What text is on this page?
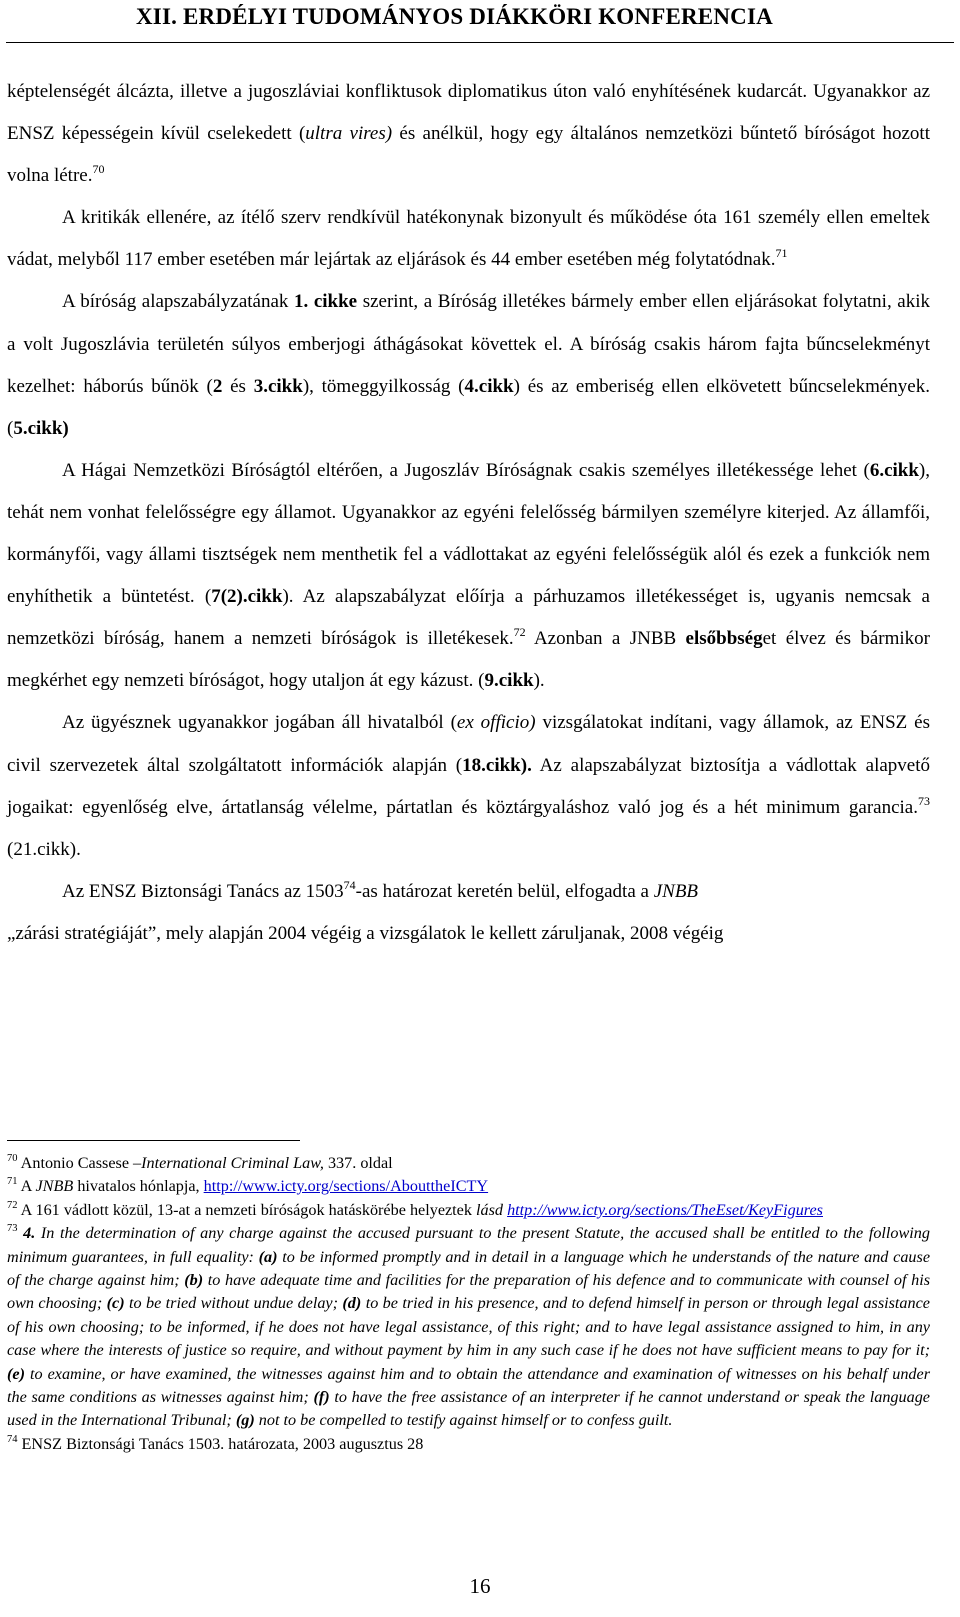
XII. ERDÉLYI TUDOMÁNYOS DIÁKKÖRI KONFERENCIA

képtelenségét álcázta, illetve a jugoszláviai konfliktusok diplomatikus úton való enyhítésének kudarcát. Ugyanakkor az ENSZ képességein kívül cselekedett (ultra vires) és anélkül, hogy egy általános nemzetközi bűntető bíróságot hozott volna létre.$^{70}$

A kritikák ellenére, az ítélő szerv rendkívül hatékonynak bizonyult és működése óta 161 személy ellen emeltek vádat, melyből 117 ember esetében már lejártak az eljárások és 44 ember esetében még folytatódnak.$^{71}$

A bíróság alapszabályzatának 1. cikke szerint, a Bíróság illetékes bármely ember ellen eljárásokat folytatni, akik a volt Jugoszlávia területén súlyos emberjogi áthágásokat követtek el. A bíróság csakis három fajta bűncselekményt kezelhet: háborús bűnök (2 és 3.cikk), tömeggyilkosság (4.cikk) és az emberiség ellen elkövetett bűncselekmények. (5.cikk)

A Hágai Nemzetközi Bíróságtól eltérően, a Jugoszláv Bíróságnak csakis személyes illetékessége lehet (6.cikk), tehát nem vonhat felelősségre egy államot. Ugyanakkor az egyéni felelősség bármilyen személyre kiterjed. Az államfői, kormányfői, vagy állami tisztségek nem menthetik fel a vádlottakat az egyéni felelősségük alól és ezek a funkciók nem enyhíthetik a büntetést. (7(2).cikk). Az alapszabályzat előírja a párhuzamos illetékességet is, ugyanis nemcsak a nemzetközi bíróság, hanem a nemzeti bíróságok is illetékesek.$^{72}$ Azonban a JNBB elsőbbséget élvez és bármikor megkérhet egy nemzeti bíróságot, hogy utaljon át egy kázust. (9.cikk).

Az ügyésznek ugyanakkor jogában áll hivatalból (ex officio) vizsgálatokat indítani, vagy államok, az ENSZ és civil szervezetek által szolgáltatott információk alapján (18.cikk). Az alapszabályzat biztosítja a vádlottak alapvető jogaikat: egyenlőség elve, ártatlanság vélelme, pártatlan és köztárgyaláshoz való jog és a hét minimum garancia.$^{73}$ (21.cikk).

Az ENSZ Biztonsági Tanács az 1503$^{74}$-as határozat keretén belül, elfogadta a JNBB
„zárási stratégiáját”, mely alapján 2004 végéig a vizsgálatok le kellett záruljanak, 2008 végéig

$^{70}$ Antonio Cassese –International Criminal Law, 337. oldal

$^{71}$ A JNBB hivatalos hónlapja, http://www.icty.org/sections/AbouttheICTY

$^{72}$ A 161 vádlott közül, 13-at a nemzeti bíróságok hatáskörébe helyeztek lásd http://www.icty.org/sections/TheEset/KeyFigures

$^{73}$ 4. In the determination of any charge against the accused pursuant to the present Statute, the accused shall be entitled to the following minimum guarantees, in full equality: (a) to be informed promptly and in detail in a language which he understands of the nature and cause of the charge against him; (b) to have adequate time and facilities for the preparation of his defence and to communicate with counsel of his own choosing; (c) to be tried without undue delay; (d) to be tried in his presence, and to defend himself in person or through legal assistance of his own choosing; to be informed, if he does not have legal assistance, of this right; and to have legal assistance assigned to him, in any case where the interests of justice so require, and without payment by him in any such case if he does not have sufficient means to pay for it; (e) to examine, or have examined, the witnesses against him and to obtain the attendance and examination of witnesses on his behalf under the same conditions as witnesses against him; (f) to have the free assistance of an interpreter if he cannot understand or speak the language used in the International Tribunal; (g) not to be compelled to testify against himself or to confess guilt.

$^{74}$ ENSZ Biztonsági Tanács 1503. határozata, 2003 augusztus 28

16
